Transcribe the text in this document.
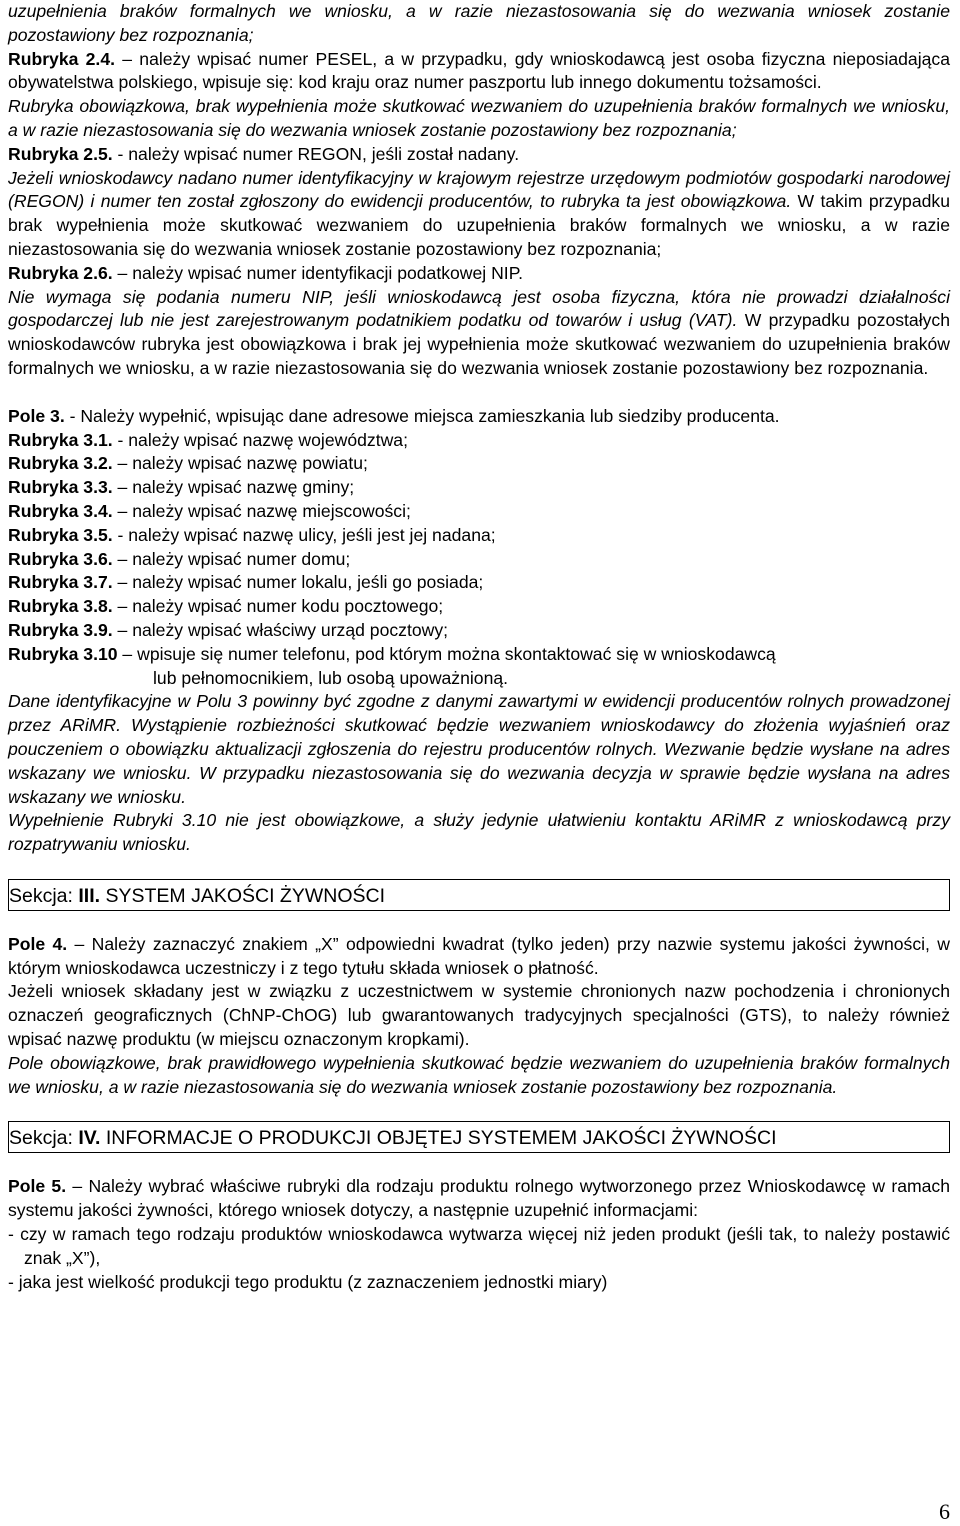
uzupełnienia braków formalnych we wniosku, a w razie niezastosowania się do wezwania wniosek zostanie pozostawiony bez rozpoznania;

Rubryka 2.4. – należy wpisać numer PESEL, a w przypadku, gdy wnioskodawcą jest osoba fizyczna nieposiadająca obywatelstwa polskiego, wpisuje się: kod kraju oraz numer paszportu lub innego dokumentu tożsamości.

Rubryka obowiązkowa, brak wypełnienia może skutkować wezwaniem do uzupełnienia braków formalnych we wniosku, a w razie niezastosowania się do wezwania wniosek zostanie pozostawiony bez rozpoznania;

Rubryka 2.5. - należy wpisać numer REGON, jeśli został nadany.

Jeżeli wnioskodawcy nadano numer identyfikacyjny w krajowym rejestrze urzędowym podmiotów gospodarki narodowej (REGON) i numer ten został zgłoszony do ewidencji producentów, to rubryka ta jest obowiązkowa. W takim przypadku brak wypełnienia może skutkować wezwaniem do uzupełnienia braków formalnych we wniosku, a w razie niezastosowania się do wezwania wniosek zostanie pozostawiony bez rozpoznania;

Rubryka 2.6. – należy wpisać numer identyfikacji podatkowej NIP.

Nie wymaga się podania numeru NIP, jeśli wnioskodawcą jest osoba fizyczna, która nie prowadzi działalności gospodarczej lub nie jest zarejestrowanym podatnikiem podatku od towarów i usług (VAT). W przypadku pozostałych wnioskodawców rubryka jest obowiązkowa i brak jej wypełnienia może skutkować wezwaniem do uzupełnienia braków formalnych we wniosku, a w razie niezastosowania się do wezwania wniosek zostanie pozostawiony bez rozpoznania.

Pole 3. - Należy wypełnić, wpisując dane adresowe miejsca zamieszkania lub siedziby producenta.

Rubryka 3.1. - należy wpisać nazwę województwa;

Rubryka 3.2. – należy wpisać nazwę powiatu;

Rubryka 3.3. – należy wpisać nazwę gminy;

Rubryka 3.4. – należy wpisać nazwę miejscowości;

Rubryka 3.5. - należy wpisać nazwę ulicy, jeśli jest jej nadana;

Rubryka 3.6. – należy wpisać numer domu;

Rubryka 3.7. – należy wpisać numer lokalu, jeśli go posiada;

Rubryka 3.8. – należy wpisać numer kodu pocztowego;

Rubryka 3.9. – należy wpisać właściwy urząd pocztowy;

Rubryka 3.10 – wpisuje się numer telefonu, pod którym można skontaktować się w wnioskodawcą

lub pełnomocnikiem, lub osobą upoważnioną.

Dane identyfikacyjne w Polu 3 powinny być zgodne z danymi zawartymi w ewidencji producentów rolnych prowadzonej przez ARiMR. Wystąpienie rozbieżności skutkować będzie wezwaniem wnioskodawcy do złożenia wyjaśnień oraz pouczeniem o obowiązku aktualizacji zgłoszenia do rejestru producentów rolnych. Wezwanie będzie wysłane na adres wskazany we wniosku. W przypadku niezastosowania się do wezwania decyzja w sprawie będzie wysłana na adres wskazany we wniosku.

Wypełnienie Rubryki 3.10 nie jest obowiązkowe, a służy jedynie ułatwieniu kontaktu ARiMR z wnioskodawcą przy rozpatrywaniu wniosku.

Sekcja: III. SYSTEM JAKOŚCI ŻYWNOŚCI

Pole 4. – Należy zaznaczyć znakiem „X” odpowiedni kwadrat (tylko jeden) przy nazwie systemu jakości żywności, w którym wnioskodawca uczestniczy i z tego tytułu składa wniosek o płatność.

Jeżeli wniosek składany jest w związku z uczestnictwem w systemie chronionych nazw pochodzenia i chronionych oznaczeń geograficznych (ChNP-ChOG) lub gwarantowanych tradycyjnych specjalności (GTS), to należy również wpisać nazwę produktu (w miejscu oznaczonym kropkami).

Pole obowiązkowe, brak prawidłowego wypełnienia skutkować będzie wezwaniem do uzupełnienia braków formalnych we wniosku, a w razie niezastosowania się do wezwania wniosek zostanie pozostawiony bez rozpoznania.

Sekcja: IV. INFORMACJE O PRODUKCJI OBJĘTEJ SYSTEMEM JAKOŚCI ŻYWNOŚCI

Pole 5. – Należy wybrać właściwe rubryki dla rodzaju produktu rolnego wytworzonego przez Wnioskodawcę w ramach systemu jakości żywności, którego wniosek dotyczy, a następnie uzupełnić informacjami:

- czy w ramach tego rodzaju produktów wnioskodawca wytwarza więcej niż jeden produkt (jeśli tak, to należy postawić znak „X”),

- jaka jest wielkość produkcji tego produktu (z zaznaczeniem jednostki miary)

6
